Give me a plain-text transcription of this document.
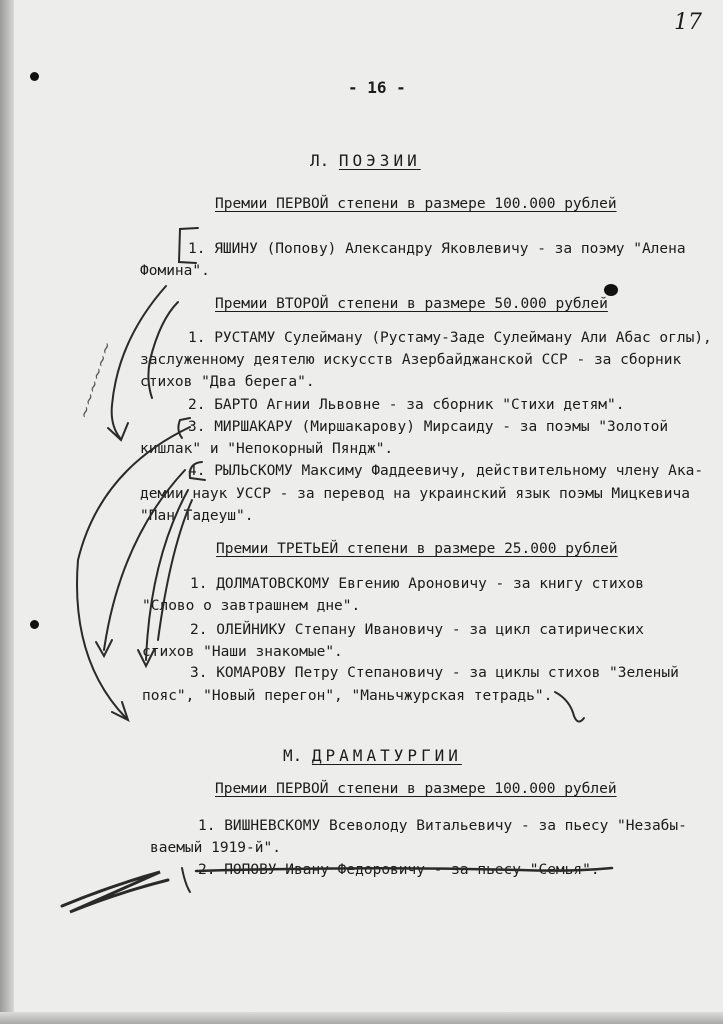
17
- 16 -
Л. ПОЭЗИИ
Премии ПЕРВОЙ степени в размере 100.000 рублей
1. ЯШИНУ (Попову) Александру Яковлевичу - за поэму "Алена
Фомина".
Премии ВТОРОЙ степени в размере 50.000 рублей
1. РУСТАМУ Сулейману (Рустаму-Заде Сулейману Али Абас оглы),
заслуженному деятелю искусств Азербайджанской ССР - за сборник
стихов "Два берега".
2. БАРТО Агнии Львовне - за сборник "Стихи детям".
3. МИРШАКАРУ (Миршакарову) Мирсаиду - за поэмы "Золотой
кишлак" и "Непокорный Пяндж".
4. РЫЛЬСКОМУ Максиму Фаддеевичу, действительному члену Ака-
демии наук УССР - за перевод на украинский язык поэмы Мицкевича
"Пан Тадеуш".
Премии ТРЕТЬЕЙ степени в размере 25.000 рублей
1. ДОЛМАТОВСКОМУ Евгению Ароновичу - за книгу стихов
"Слово о завтрашнем дне".
2. ОЛЕЙНИКУ Степану Ивановичу - за цикл сатирических
стихов "Наши знакомые".
3. КОМАРОВУ Петру Степановичу - за циклы стихов "Зеленый
пояс", "Новый перегон", "Маньчжурская тетрадь".
М. ДРАМАТУРГИИ
Премии ПЕРВОЙ степени в размере 100.000 рублей
1. ВИШНЕВСКОМУ Всеволоду Витальевичу - за пьесу "Незабы-
ваемый 1919-й".
2. ПОПОВУ Ивану Федоровичу - за пьесу "Семья".
~~~~~~
